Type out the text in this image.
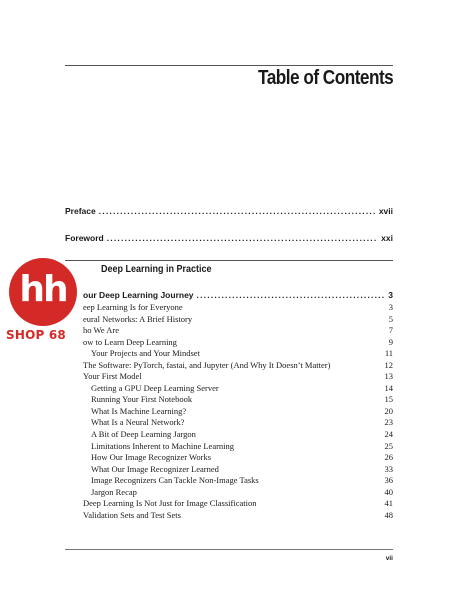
Table of Contents
Preface .....	xvii
Foreword .....	xxi
Deep Learning in Practice
our Deep Learning Journey .....	3
eep Learning Is for Everyone	3
eural Networks: A Brief History	5
ho We Are	7
ow to Learn Deep Learning	9
Your Projects and Your Mindset	11
The Software: PyTorch, fastai, and Jupyter (And Why It Doesn’t Matter)	12
Your First Model	13
Getting a GPU Deep Learning Server	14
Running Your First Notebook	15
What Is Machine Learning?	20
What Is a Neural Network?	23
A Bit of Deep Learning Jargon	24
Limitations Inherent to Machine Learning	25
How Our Image Recognizer Works	26
What Our Image Recognizer Learned	33
Image Recognizers Can Tackle Non-Image Tasks	36
Jargon Recap	40
Deep Learning Is Not Just for Image Classification	41
Validation Sets and Test Sets	48
vii
hh
SHOP 68
